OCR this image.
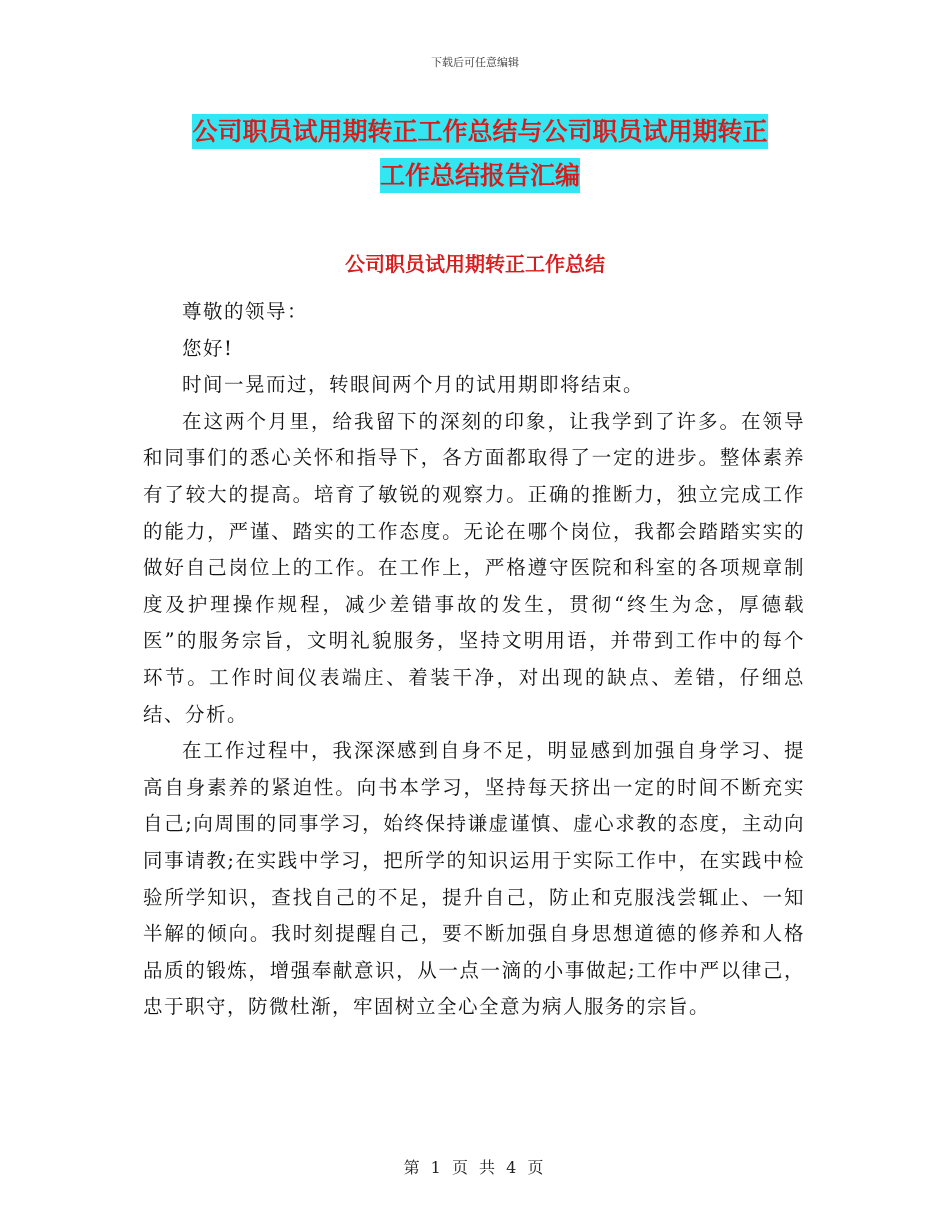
下载后可任意编辑
公司职员试用期转正工作总结与公司职员试用期转正
工作总结报告汇编
公司职员试用期转正工作总结

尊敬的领导：

您好!

时间一晃而过，转眼间两个月的试用期即将结束。

在这两个月里，给我留下的深刻的印象，让我学到了许多。在领导和同事们的悉心关怀和指导下，各方面都取得了一定的进步。整体素养有了较大的提高。培育了敏锐的观察力。正确的推断力，独立完成工作的能力，严谨、踏实的工作态度。无论在哪个岗位，我都会踏踏实实的做好自己岗位上的工作。在工作上，严格遵守医院和科室的各项规章制度及护理操作规程，减少差错事故的发生，贯彻“终生为念，厚德载医”的服务宗旨，文明礼貌服务，坚持文明用语，并带到工作中的每个环节。工作时间仪表端庄、着装干净，对出现的缺点、差错，仔细总结、分析。

在工作过程中，我深深感到自身不足，明显感到加强自身学习、提高自身素养的紧迫性。向书本学习，坚持每天挤出一定的时间不断充实自己;向周围的同事学习，始终保持谦虚谨慎、虚心求教的态度，主动向同事请教;在实践中学习，把所学的知识运用于实际工作中，在实践中检验所学知识，查找自己的不足，提升自己，防止和克服浅尝辄止、一知半解的倾向。我时刻提醒自己，要不断加强自身思想道德的修养和人格品质的锻炼，增强奉献意识，从一点一滴的小事做起;工作中严以律己，忠于职守，防微杜渐，牢固树立全心全意为病人服务的宗旨。

第 1 页 共 4 页
